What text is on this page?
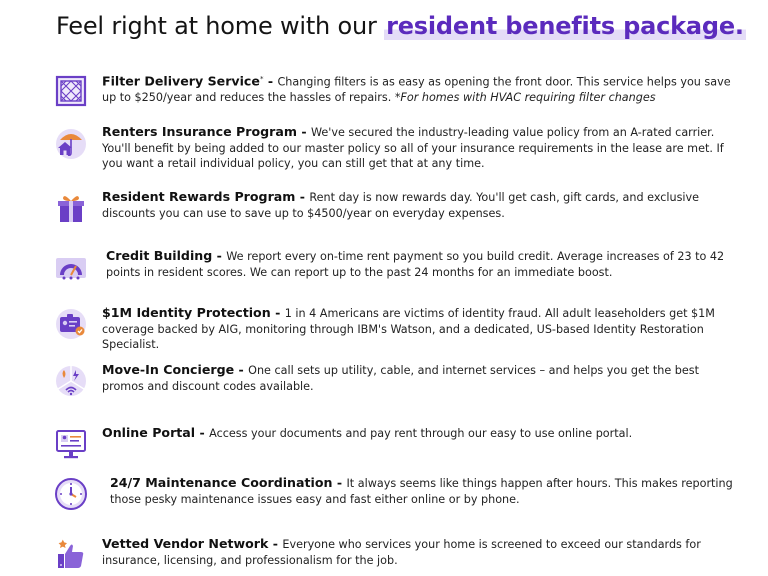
Feel right at home with our resident benefits package.
Filter Delivery Service* - Changing filters is as easy as opening the front door. This service helps you save up to $250/year and reduces the hassles of repairs. *For homes with HVAC requiring filter changes
Renters Insurance Program - We've secured the industry-leading value policy from an A-rated carrier. You'll benefit by being added to our master policy so all of your insurance requirements in the lease are met. If you want a retail individual policy, you can still get that at any time.
Resident Rewards Program - Rent day is now rewards day. You'll get cash, gift cards, and exclusive discounts you can use to save up to $4500/year on everyday expenses.
Credit Building - We report every on-time rent payment so you build credit. Average increases of 23 to 42 points in resident scores. We can report up to the past 24 months for an immediate boost.
$1M Identity Protection - 1 in 4 Americans are victims of identity fraud. All adult leaseholders get $1M coverage backed by AIG, monitoring through IBM's Watson, and a dedicated, US-based Identity Restoration Specialist.
Move-In Concierge - One call sets up utility, cable, and internet services – and helps you get the best promos and discount codes available.
Online Portal - Access your documents and pay rent through our easy to use online portal.
24/7 Maintenance Coordination - It always seems like things happen after hours. This makes reporting those pesky maintenance issues easy and fast either online or by phone.
Vetted Vendor Network - Everyone who services your home is screened to exceed our standards for insurance, licensing, and professionalism for the job.
